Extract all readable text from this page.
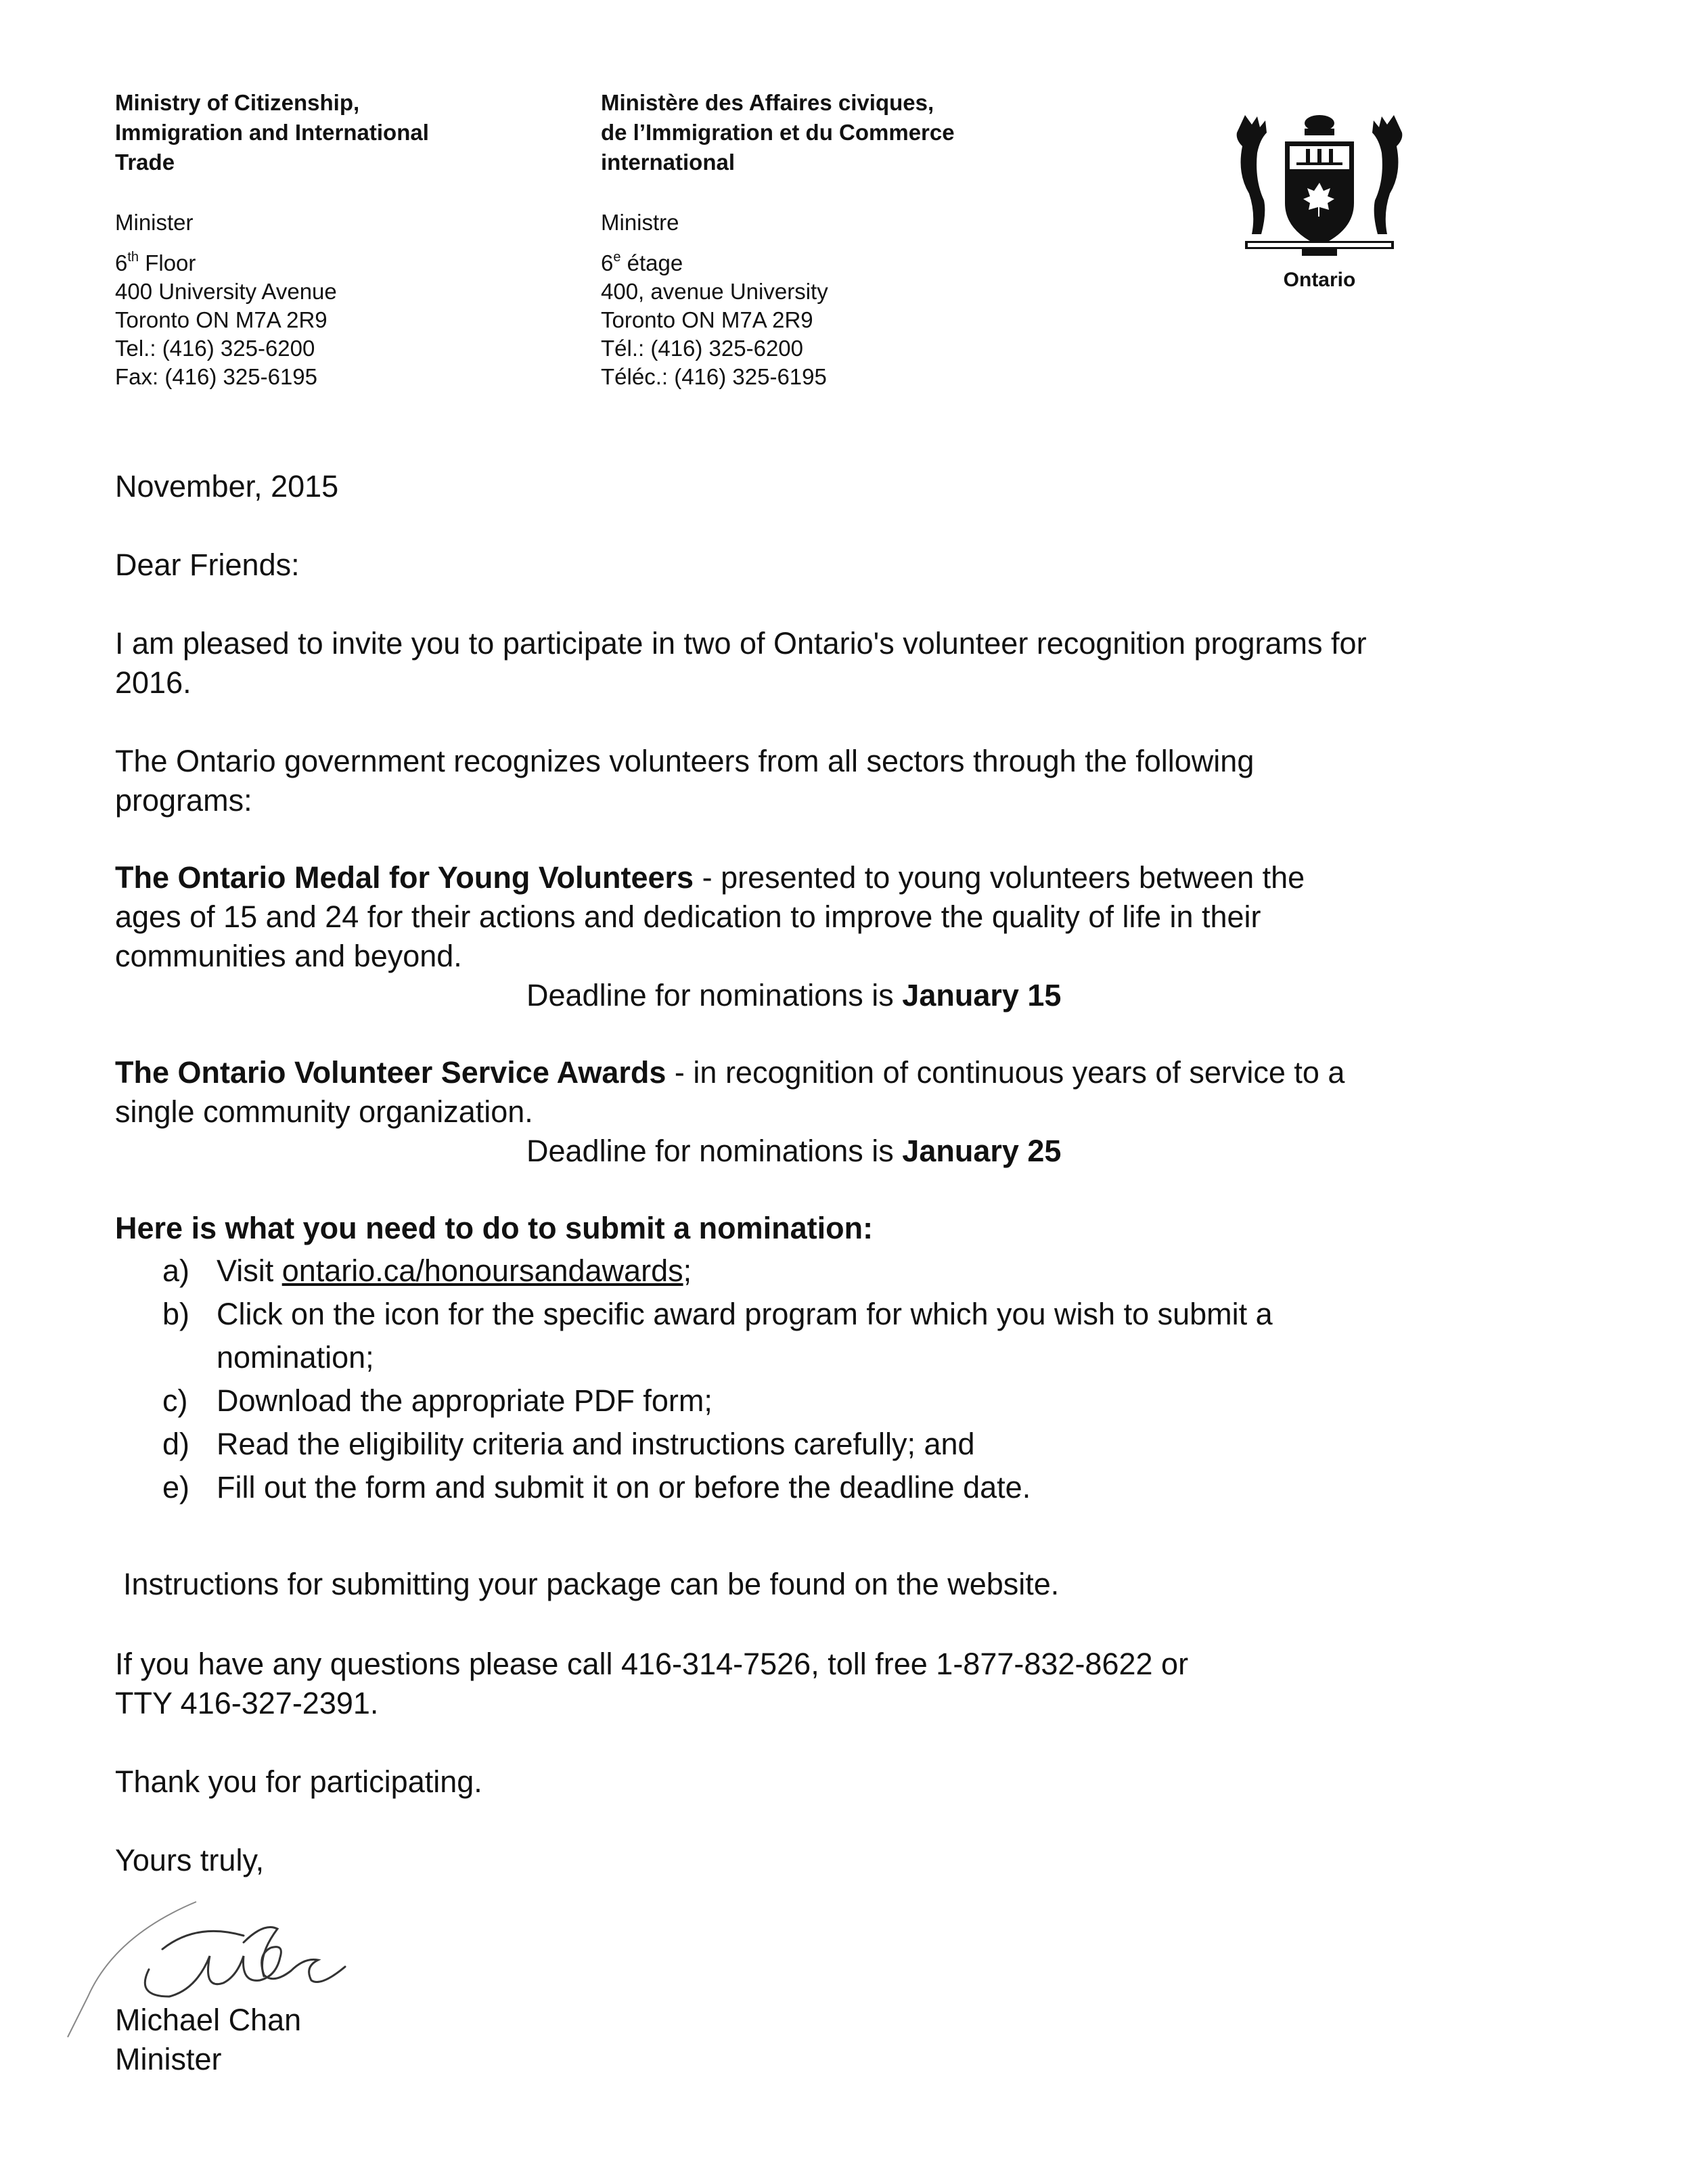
Ministry of Citizenship,
Immigration and International
Trade
Minister
6th Floor
400 University Avenue
Toronto ON M7A 2R9
Tel.: (416) 325-6200
Fax: (416) 325-6195
Ministère des Affaires civiques,
de l’Immigration et du Commerce
international
Ministre
6e étage
400, avenue University
Toronto ON M7A 2R9
Tél.: (416) 325-6200
Téléc.: (416) 325-6195
Ontario
November, 2015
Dear Friends:
I am pleased to invite you to participate in two of Ontario's volunteer recognition programs for
2016.
The Ontario government recognizes volunteers from all sectors through the following
programs:
The Ontario Medal for Young Volunteers - presented to young volunteers between the
ages of 15 and 24 for their actions and dedication to improve the quality of life in their
communities and beyond.
Deadline for nominations is January 15
The Ontario Volunteer Service Awards - in recognition of continuous years of service to a
single community organization.
Deadline for nominations is January 25
Here is what you need to do to submit a nomination:
a) Visit ontario.ca/honoursandawards;
b) Click on the icon for the specific award program for which you wish to submit a
nomination;
c) Download the appropriate PDF form;
d) Read the eligibility criteria and instructions carefully; and
e) Fill out the form and submit it on or before the deadline date.
Instructions for submitting your package can be found on the website.
If you have any questions please call 416-314-7526, toll free 1-877-832-8622 or
TTY 416-327-2391.
Thank you for participating.
Yours truly,
Michael Chan
Minister
